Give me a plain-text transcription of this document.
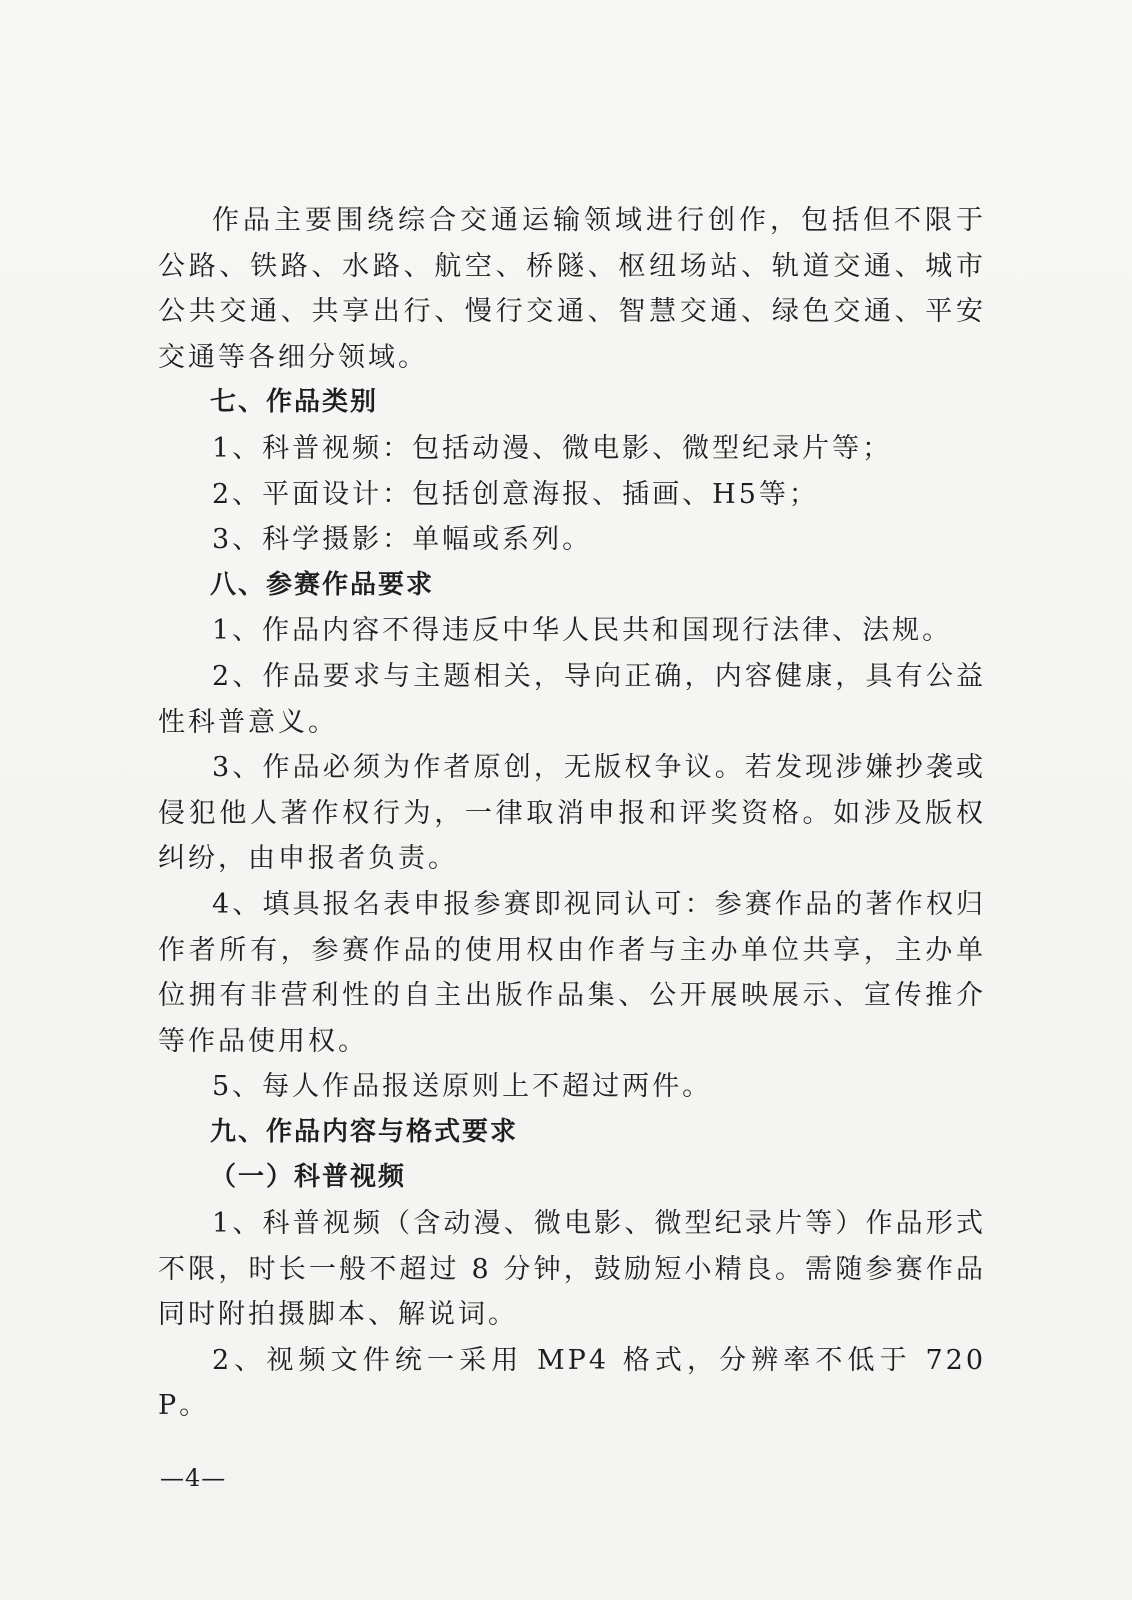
作品主要围绕综合交通运输领域进行创作，包括但不限于公路、铁路、水路、航空、桥隧、枢纽场站、轨道交通、城市公共交通、共享出行、慢行交通、智慧交通、绿色交通、平安交通等各细分领域。

七、作品类别

1、科普视频：包括动漫、微电影、微型纪录片等；

2、平面设计：包括创意海报、插画、H5等；

3、科学摄影：单幅或系列。

八、参赛作品要求

1、作品内容不得违反中华人民共和国现行法律、法规。

2、作品要求与主题相关，导向正确，内容健康，具有公益性科普意义。

3、作品必须为作者原创，无版权争议。若发现涉嫌抄袭或侵犯他人著作权行为，一律取消申报和评奖资格。如涉及版权纠纷，由申报者负责。

4、填具报名表申报参赛即视同认可：参赛作品的著作权归作者所有，参赛作品的使用权由作者与主办单位共享，主办单位拥有非营利性的自主出版作品集、公开展映展示、宣传推介等作品使用权。

5、每人作品报送原则上不超过两件。

九、作品内容与格式要求

（一）科普视频

1、科普视频（含动漫、微电影、微型纪录片等）作品形式不限，时长一般不超过 8 分钟，鼓励短小精良。需随参赛作品同时附拍摄脚本、解说词。

2、视频文件统一采用 MP4 格式，分辨率不低于 720P。

—4—
